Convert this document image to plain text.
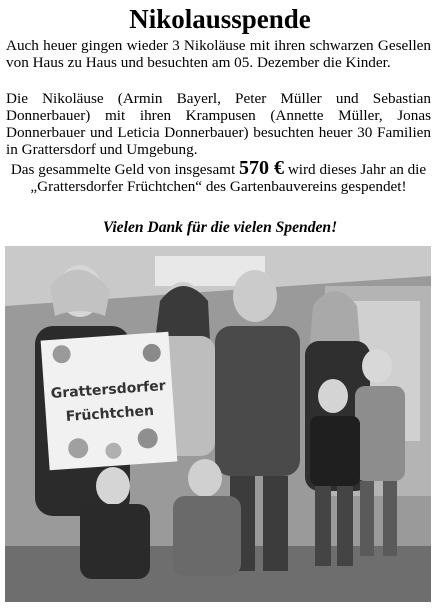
Nikolausspende
Auch heuer gingen wieder 3 Nikoläuse mit ihren schwarzen Gesellen von Haus zu Haus und besuchten am 05. Dezember die Kinder.
Die Nikoläuse (Armin Bayerl, Peter Müller und Sebastian Donnerbauer) mit ihren Krampusen (Annette Müller, Jonas Donnerbauer und Leticia Donnerbauer) besuchten heuer 30 Familien in Grattersdorf und Umgebung.
Das gesammelte Geld von insgesamt 570 € wird dieses Jahr an die
„Grattersdorfer Früchtchen“ des Gartenbauvereins gespendet!
Vielen Dank für die vielen Spenden!
Grattersdorfer
Früchtchen
